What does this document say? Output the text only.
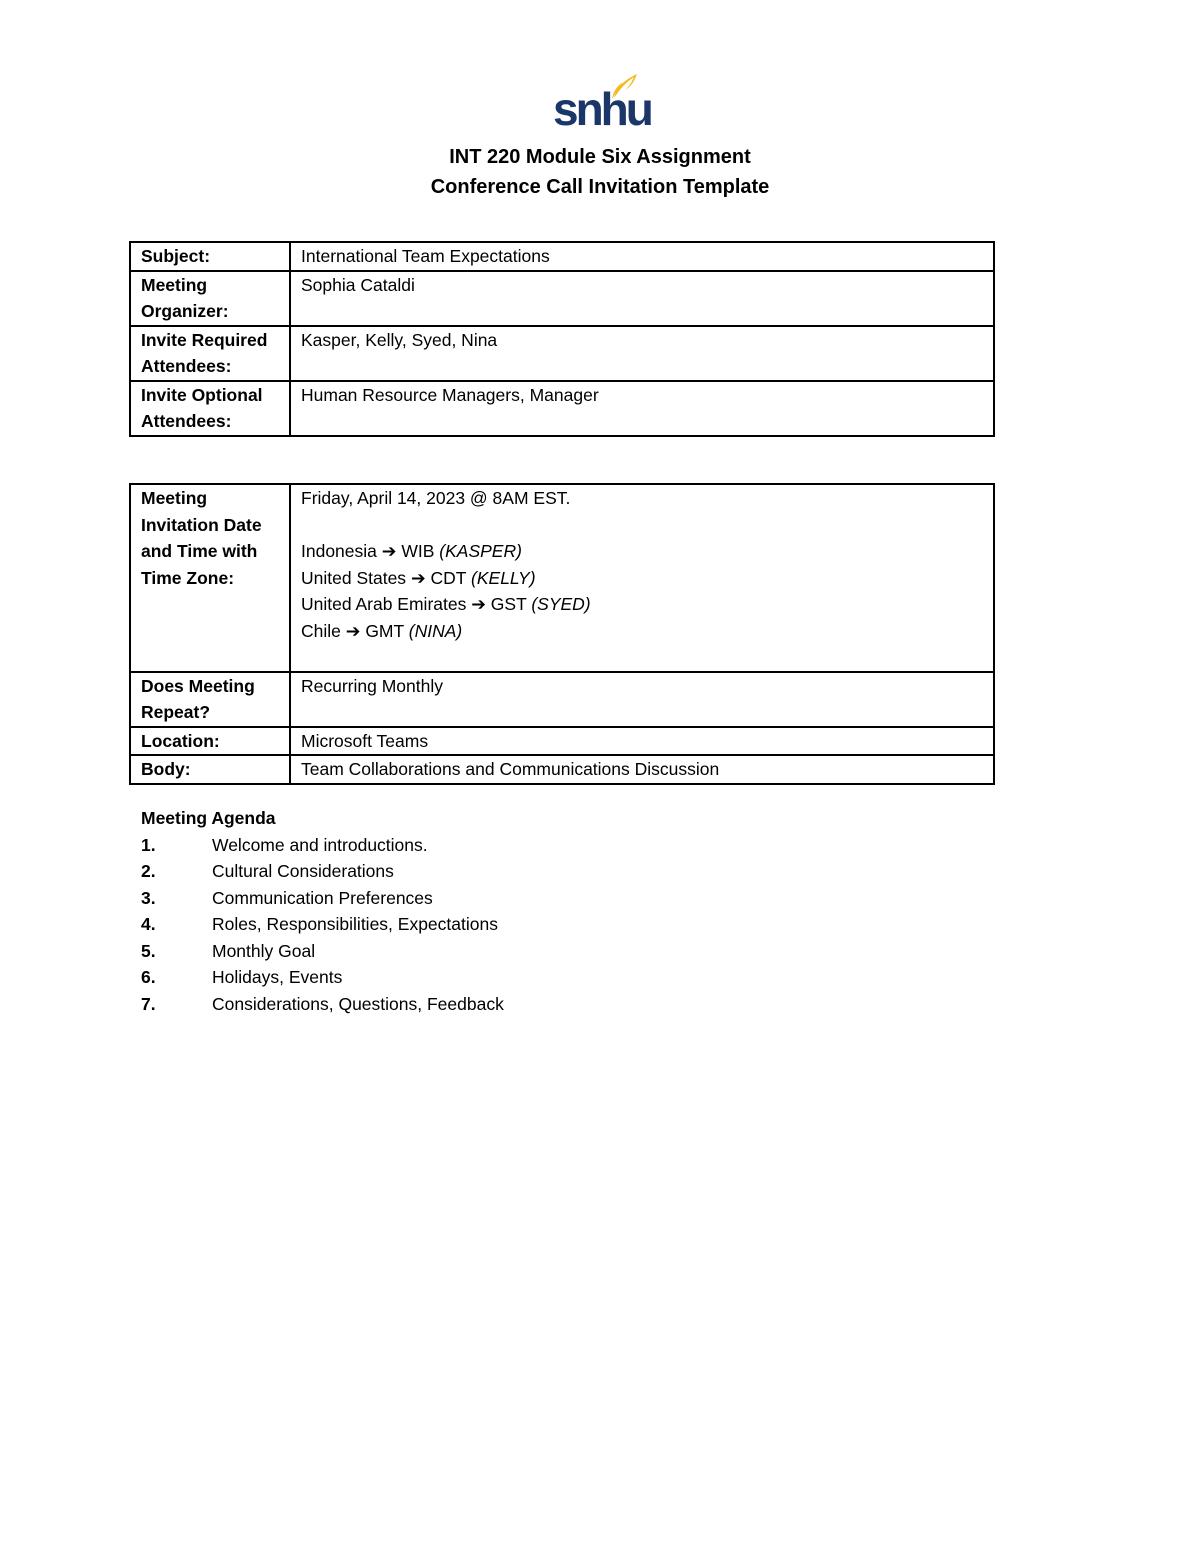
snhu
INT 220 Module Six Assignment
Conference Call Invitation Template
Subject:	International Team Expectations
Meeting Organizer:	Sophia Cataldi
Invite Required Attendees:	Kasper, Kelly, Syed, Nina
Invite Optional Attendees:	Human Resource Managers, Manager
Meeting Invitation Date and Time with Time Zone:	Friday, April 14, 2023 @ 8AM EST.
Indonesia ➔ WIB (KASPER)
United States ➔ CDT (KELLY)
United Arab Emirates ➔ GST (SYED)
Chile ➔ GMT (NINA)

Does Meeting Repeat?	Recurring Monthly
Location:	Microsoft Teams
Body:	Team Collaborations and Communications Discussion
Meeting Agenda
1.	Welcome and introductions.
2.	Cultural Considerations
3.	Communication Preferences
4.	Roles, Responsibilities, Expectations
5.	Monthly Goal
6.	Holidays, Events
7.	Considerations, Questions, Feedback
